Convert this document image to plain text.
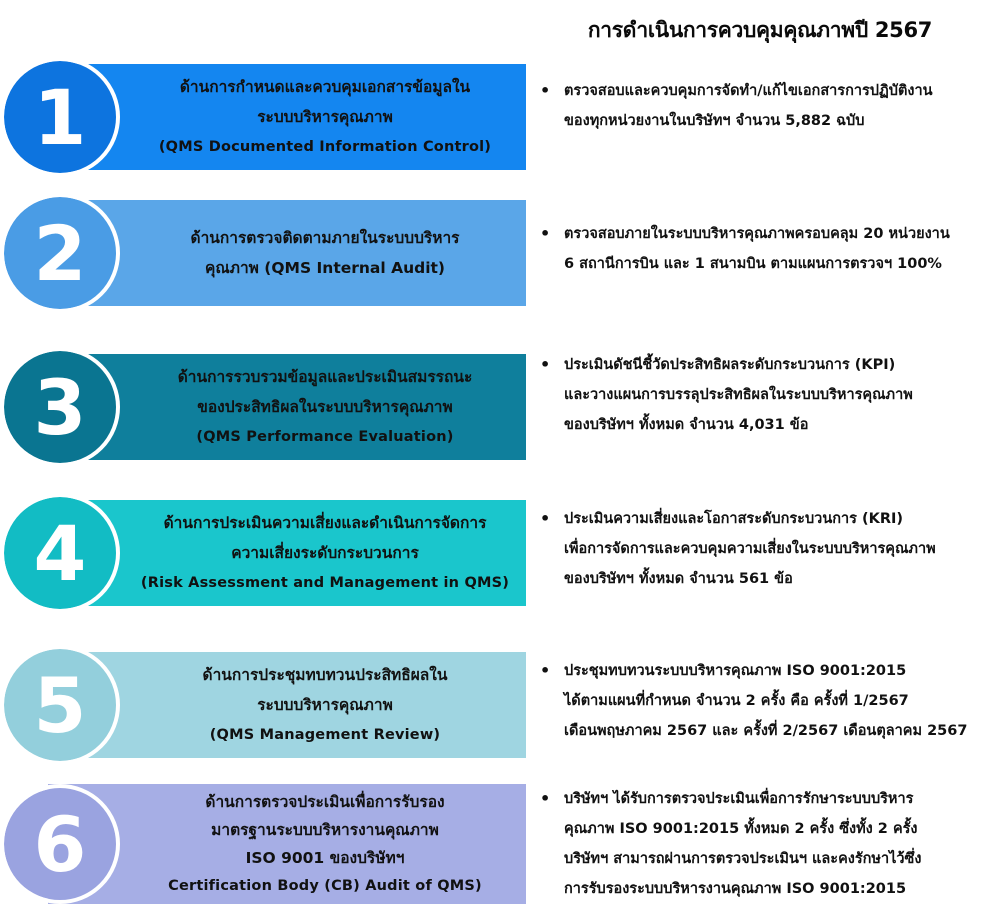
การดำเนินการควบคุมคุณภาพปี 2567
ด้านการกำหนดและควบคุมเอกสารข้อมูลใน
ระบบบริหารคุณภาพ
(QMS Documented Information Control)
1	• ตรวจสอบและควบคุมการจัดทำ/แก้ไขเอกสารการปฏิบัติงาน
ของทุกหน่วยงานในบริษัทฯ จำนวน 5,882 ฉบับ
ด้านการตรวจติดตามภายในระบบบริหาร
คุณภาพ (QMS Internal Audit)
2	• ตรวจสอบภายในระบบบริหารคุณภาพครอบคลุม 20 หน่วยงาน
6 สถานีการบิน และ 1 สนามบิน ตามแผนการตรวจฯ 100%
ด้านการรวบรวมข้อมูลและประเมินสมรรถนะ
ของประสิทธิผลในระบบบริหารคุณภาพ
(QMS Performance Evaluation)
3	• ประเมินดัชนีชี้วัดประสิทธิผลระดับกระบวนการ (KPI)
และวางแผนการบรรลุประสิทธิผลในระบบบริหารคุณภาพ
ของบริษัทฯ ทั้งหมด จำนวน 4,031 ข้อ
ด้านการประเมินความเสี่ยงและดำเนินการจัดการ
ความเสี่ยงระดับกระบวนการ
(Risk Assessment and Management in QMS)
4	• ประเมินความเสี่ยงและโอกาสระดับกระบวนการ (KRI)
เพื่อการจัดการและควบคุมความเสี่ยงในระบบบริหารคุณภาพ
ของบริษัทฯ ทั้งหมด จำนวน 561 ข้อ
ด้านการประชุมทบทวนประสิทธิผลใน
ระบบบริหารคุณภาพ
(QMS Management Review)
5	• ประชุมทบทวนระบบบริหารคุณภาพ ISO 9001:2015
ได้ตามแผนที่กำหนด จำนวน 2 ครั้ง คือ ครั้งที่ 1/2567
เดือนพฤษภาคม 2567 และ ครั้งที่ 2/2567 เดือนตุลาคม 2567
ด้านการตรวจประเมินเพื่อการรับรอง
มาตรฐานระบบบริหารงานคุณภาพ
ISO 9001 ของบริษัทฯ
Certification Body (CB) Audit of QMS)
6
• บริษัทฯ ได้รับการตรวจประเมินเพื่อการรักษาระบบบริหาร
คุณภาพ ISO 9001:2015 ทั้งหมด 2 ครั้ง ซึ่งทั้ง 2 ครั้ง
บริษัทฯ สามารถผ่านการตรวจประเมินฯ และคงรักษาไว้ซึ่ง
การรับรองระบบบริหารงานคุณภาพ ISO 9001:2015
